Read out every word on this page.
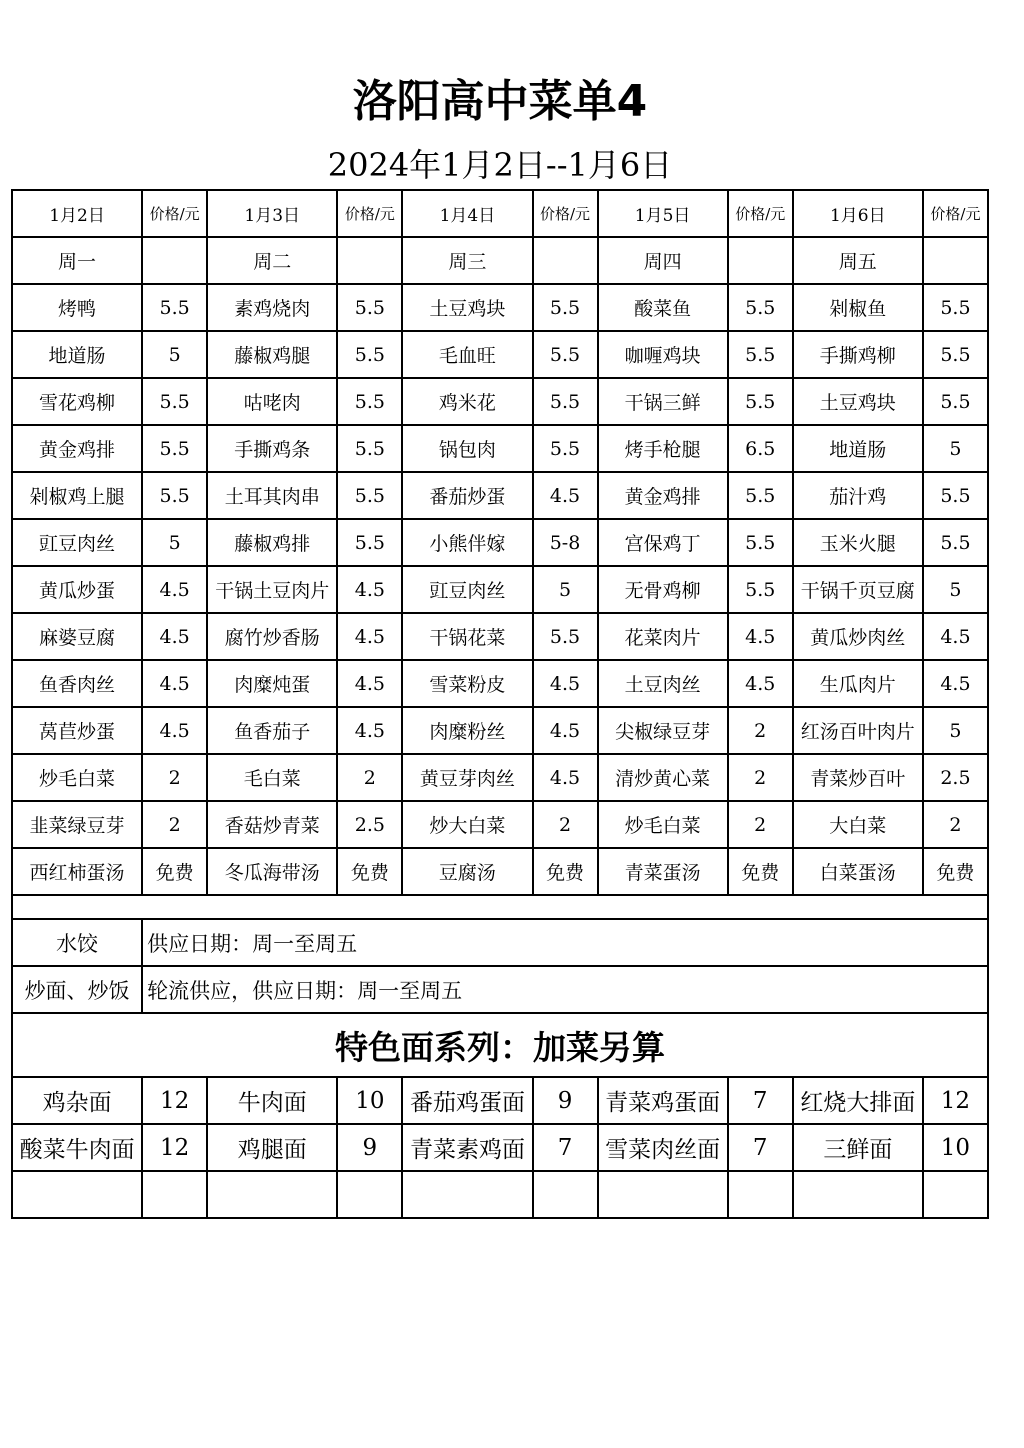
洛阳高中菜单4
2024年1月2日--1月6日
1月2日	价格/元	1月3日	价格/元	1月4日	价格/元	1月5日	价格/元	1月6日	价格/元
周一		周二		周三		周四		周五	
烤鸭	5.5	素鸡烧肉	5.5	土豆鸡块	5.5	酸菜鱼	5.5	剁椒鱼	5.5
地道肠	5	藤椒鸡腿	5.5	毛血旺	5.5	咖喱鸡块	5.5	手撕鸡柳	5.5
雪花鸡柳	5.5	咕咾肉	5.5	鸡米花	5.5	干锅三鲜	5.5	土豆鸡块	5.5
黄金鸡排	5.5	手撕鸡条	5.5	锅包肉	5.5	烤手枪腿	6.5	地道肠	5
剁椒鸡上腿	5.5	土耳其肉串	5.5	番茄炒蛋	4.5	黄金鸡排	5.5	茄汁鸡	5.5
豇豆肉丝	5	藤椒鸡排	5.5	小熊伴嫁	5-8	宫保鸡丁	5.5	玉米火腿	5.5
黄瓜炒蛋	4.5	干锅土豆肉片	4.5	豇豆肉丝	5	无骨鸡柳	5.5	干锅千页豆腐	5
麻婆豆腐	4.5	腐竹炒香肠	4.5	干锅花菜	5.5	花菜肉片	4.5	黄瓜炒肉丝	4.5
鱼香肉丝	4.5	肉糜炖蛋	4.5	雪菜粉皮	4.5	土豆肉丝	4.5	生瓜肉片	4.5
莴苣炒蛋	4.5	鱼香茄子	4.5	肉糜粉丝	4.5	尖椒绿豆芽	2	红汤百叶肉片	5
炒毛白菜	2	毛白菜	2	黄豆芽肉丝	4.5	清炒黄心菜	2	青菜炒百叶	2.5
韭菜绿豆芽	2	香菇炒青菜	2.5	炒大白菜	2	炒毛白菜	2	大白菜	2
西红柿蛋汤	免费	冬瓜海带汤	免费	豆腐汤	免费	青菜蛋汤	免费	白菜蛋汤	免费

水饺	供应日期：周一至周五								
炒面、炒饭	轮流供应，供应日期：周一至周五								
特色面系列：加菜另算									
鸡杂面	12	牛肉面	10	番茄鸡蛋面	9	青菜鸡蛋面	7	红烧大排面	12
酸菜牛肉面	12	鸡腿面	9	青菜素鸡面	7	雪菜肉丝面	7	三鲜面	10
